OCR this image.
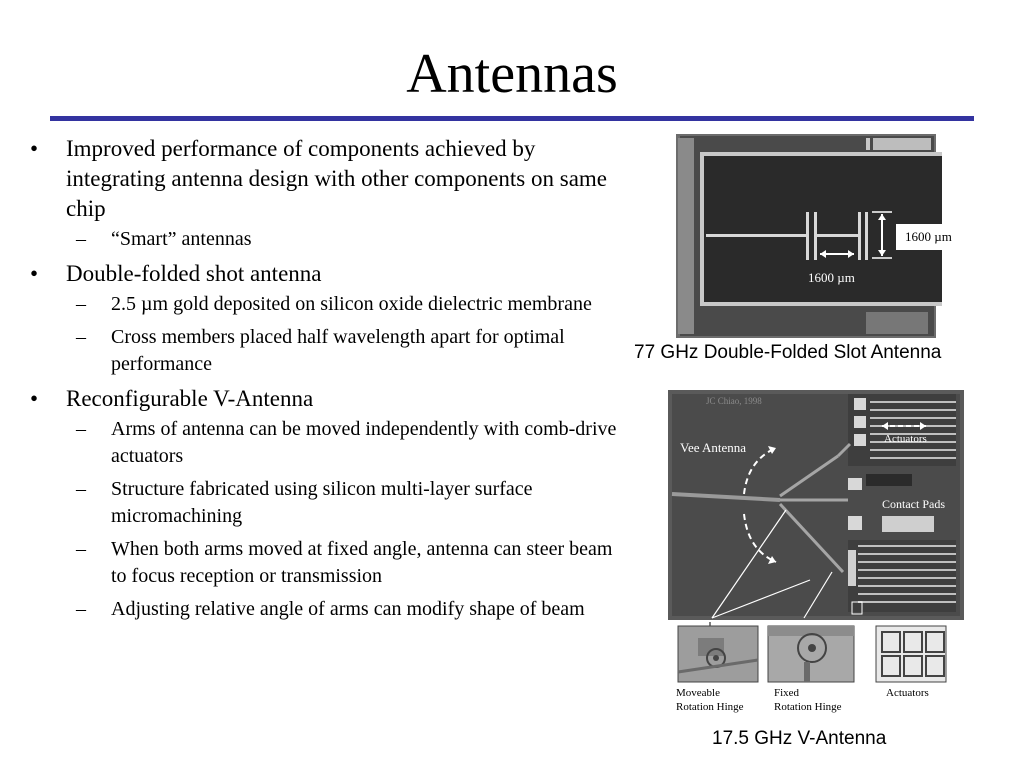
Antennas
• Improved performance of components achieved by integrating antenna design with other components on same chip
– “Smart” antennas
• Double-folded shot antenna
– 2.5 µm gold deposited on silicon oxide dielectric membrane
– Cross members placed half wavelength apart for optimal performance
• Reconfigurable V-Antenna
– Arms of antenna can be moved independently with comb-drive actuators
– Structure fabricated using silicon multi-layer surface micromachining
– When both arms moved at fixed angle, antenna can steer beam to focus reception or transmission
– Adjusting relative angle of arms can modify shape of beam
1600 µm
1600 µm
77 GHz Double-Folded Slot Antenna
JC Chiao, 1998
Vee Antenna
Actuators
Contact Pads
Moveable
Rotation Hinge
Fixed
Rotation Hinge
Actuators
17.5 GHz V-Antenna
